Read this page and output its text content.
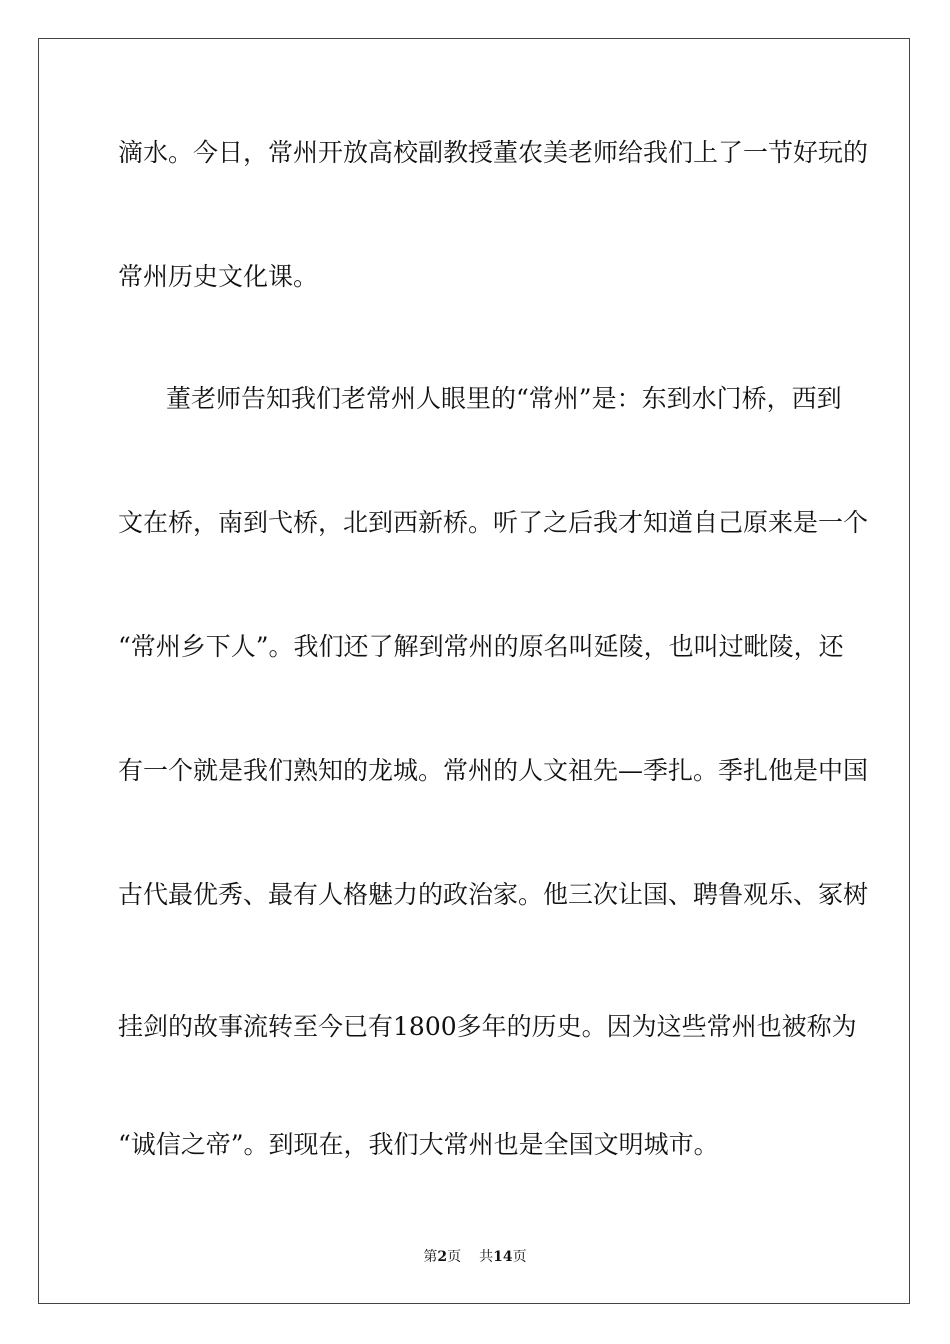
滴水。今日，常州开放高校副教授董农美老师给我们上了一节好玩的
常州历史文化课。
董老师告知我们老常州人眼里的“常州”是：东到水门桥，西到
文在桥，南到弋桥，北到西新桥。听了之后我才知道自己原来是一个
“常州乡下人”。我们还了解到常州的原名叫延陵，也叫过毗陵，还
有一个就是我们熟知的龙城。常州的人文祖先—季扎。季扎他是中国
古代最优秀、最有人格魅力的政治家。他三次让国、聘鲁观乐、冢树
挂剑的故事流转至今已有1800多年的历史。因为这些常州也被称为
“诚信之帝”。到现在，我们大常州也是全国文明城市。
第2页 共14页
